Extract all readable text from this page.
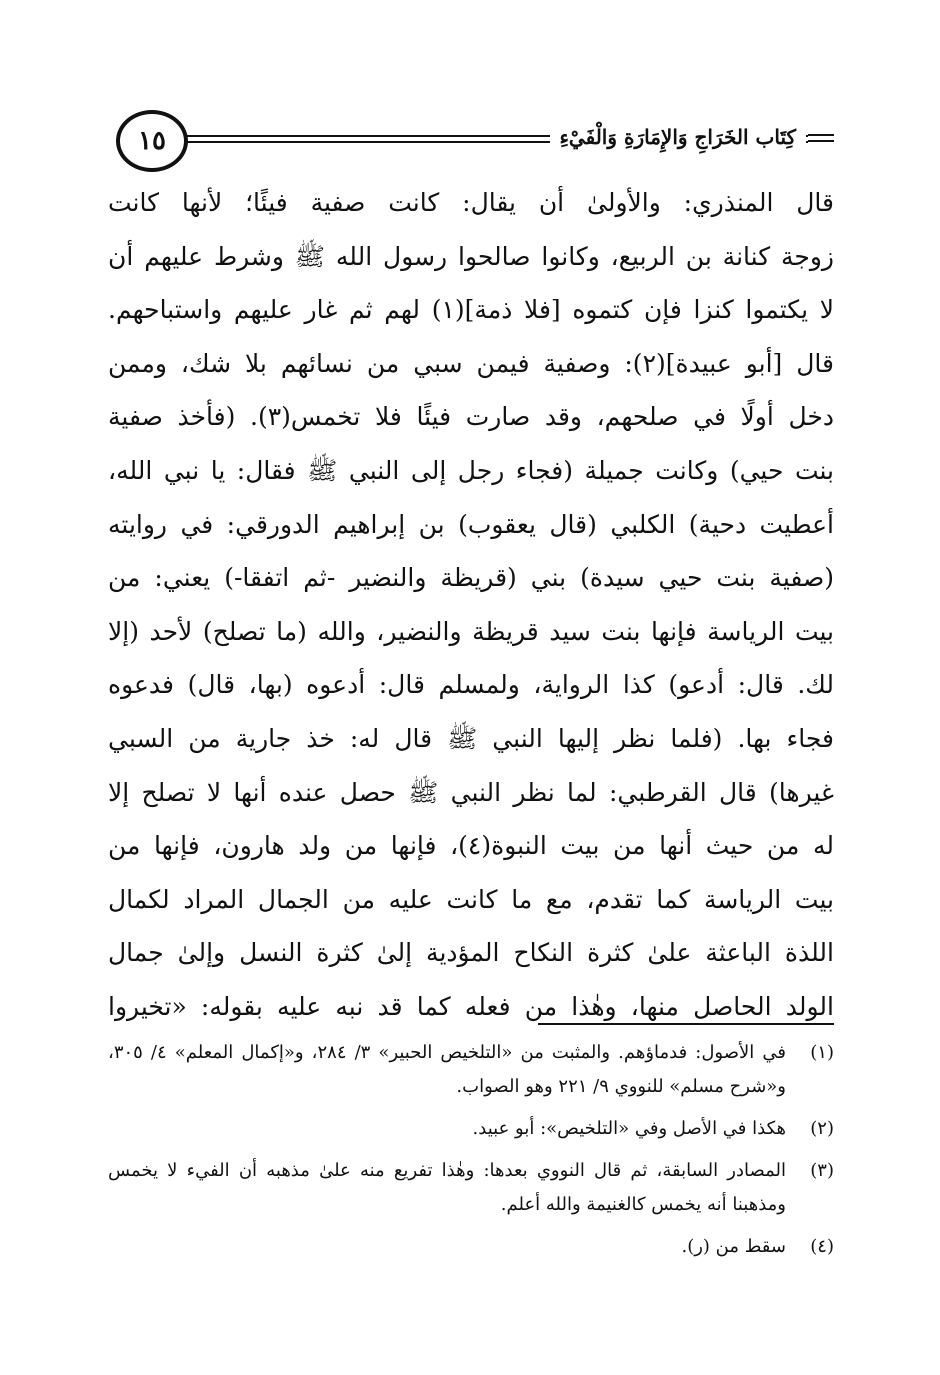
١٥	كِتَاب الخَرَاجِ وَالإِمَارَةِ وَالْفَيْءِ
قال المنذري: والأولىٰ أن يقال: كانت صفية فيئًا؛ لأنها كانت
زوجة كنانة بن الربيع، وكانوا صالحوا رسول الله ﷺ وشرط عليهم أن
لا يكتموا كنزا فإن كتموه [فلا ذمة](١) لهم ثم غار عليهم واستباحهم.
قال [أبو عبيدة](٢): وصفية فيمن سبي من نسائهم بلا شك، وممن
دخل أولًا في صلحهم، وقد صارت فيئًا فلا تخمس(٣). (فأخذ صفية
بنت حيي) وكانت جميلة (فجاء رجل إلى النبي ﷺ فقال: يا نبي الله،
أعطيت دحية) الكلبي (قال يعقوب) بن إبراهيم الدورقي: في روايته
(صفية بنت حيي سيدة) بني (قريظة والنضير -ثم اتفقا-) يعني: من
بيت الرياسة فإنها بنت سيد قريظة والنضير، والله (ما تصلح) لأحد (إلا
لك. قال: أدعو) كذا الرواية، ولمسلم قال: أدعوه (بها، قال) فدعوه
فجاء بها. (فلما نظر إليها النبي ﷺ قال له: خذ جارية من السبي
غيرها) قال القرطبي: لما نظر النبي ﷺ حصل عنده أنها لا تصلح إلا
له من حيث أنها من بيت النبوة(٤)، فإنها من ولد هارون، فإنها من
بيت الرياسة كما تقدم، مع ما كانت عليه من الجمال المراد لكمال
اللذة الباعثة علىٰ كثرة النكاح المؤدية إلىٰ كثرة النسل وإلىٰ جمال
الولد الحاصل منها، وهٰذا من فعله كما قد نبه عليه بقوله: «تخيروا
(١)
في الأصول: فدماؤهم. والمثبت من «التلخيص الحبير» ٣/ ٢٨٤، و«إكمال المعلم» ٤/ ٣٠٥، و«شرح مسلم» للنووي ٩/ ٢٢١ وهو الصواب.
(٢)
هكذا في الأصل وفي «التلخيص»: أبو عبيد.
(٣)
المصادر السابقة، ثم قال النووي بعدها: وهٰذا تفريع منه علىٰ مذهبه أن الفيء لا يخمس ومذهبنا أنه يخمس كالغنيمة والله أعلم.
(٤)
سقط من (ر).
